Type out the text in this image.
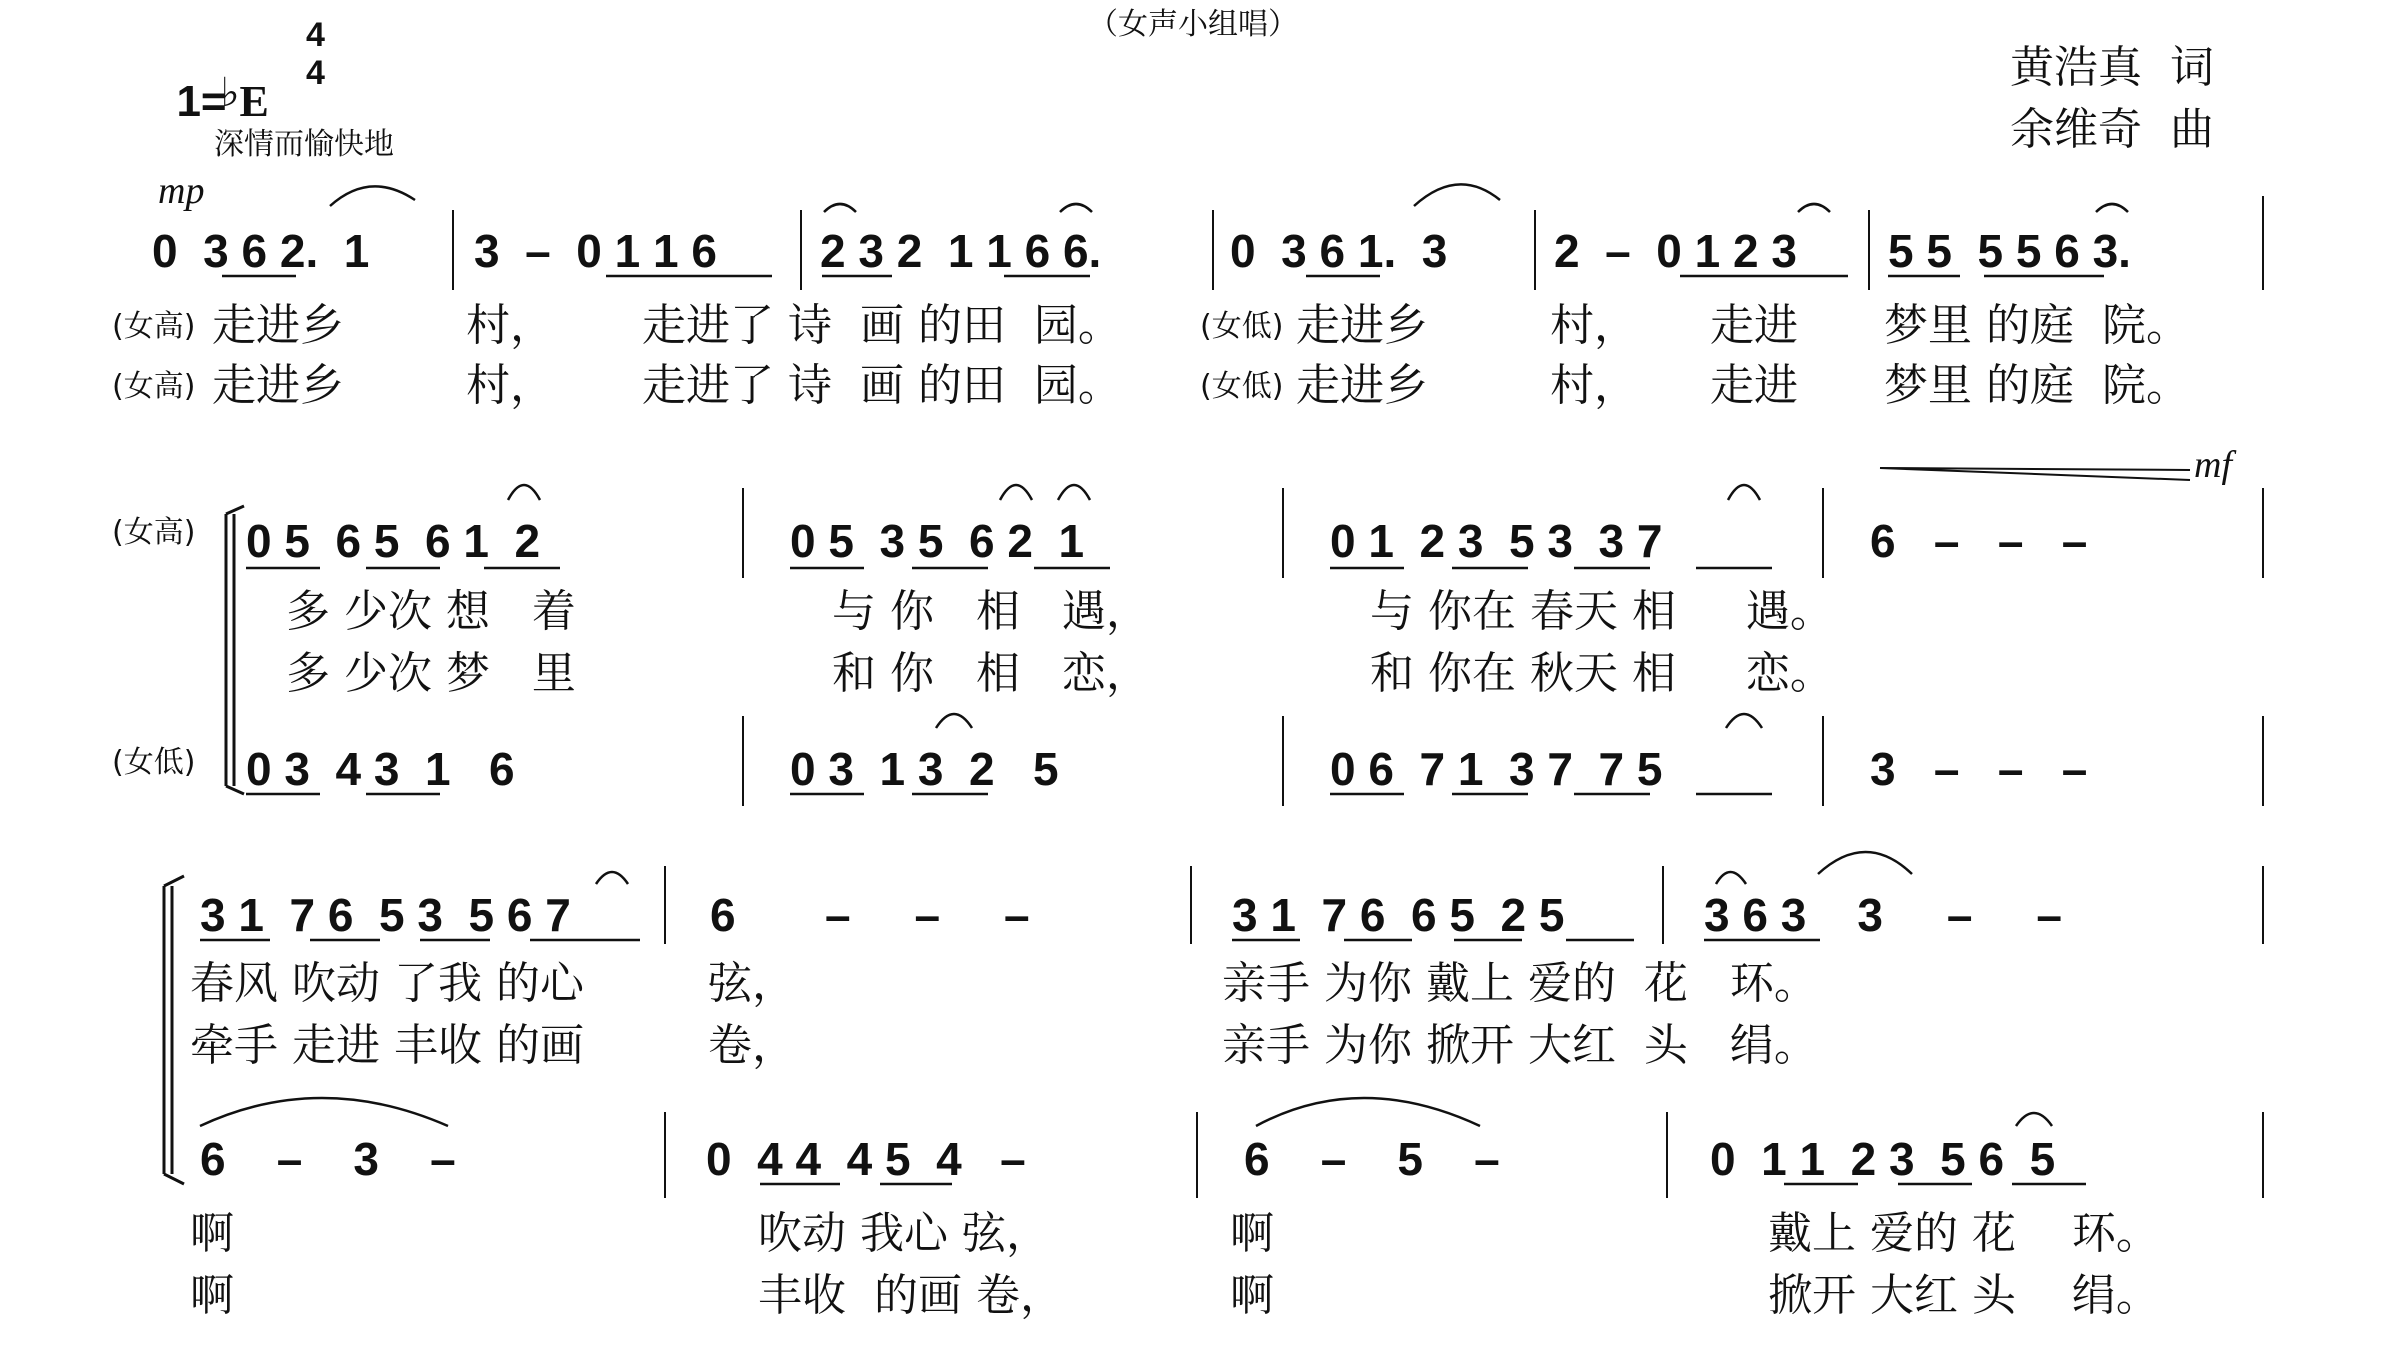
1=♭E

4
4
（女声小组唱）
黄浩真  词
余维奇  曲
深情而愉快地
mp
mf
0  3 6 2.  1 3  –  0 1 1 6 2 3 2  1 1 6 6.	0  3 6 1.  3 2  –  0 1 2 3 5 5  5 5 6 3.
(女高) 走进乡	村， 走进了 诗  画 的田  园。	(女低) 走进乡	村， 走进 梦里 的庭  院。
(女高) 走进乡	村， 走进了 诗  画 的田  园。	(女低) 走进乡	村， 走进 梦里 的庭  院。
(女高)
(女低)
0 5  6 5  6 1  2	0 5  3 5  6 2  1	0 1  2 3  5 3  3 7	6   –   –   –
多 少次 想   着	与 你   相   遇，	与 你在 春天 相     遇。
多 少次 梦   里	和 你   相   恋，	和 你在 秋天 相     恋。
0 3  4 3  1   6	0 3  1 3  2   5	0 6  7 1  3 7  7 5	3   –   –   –
3 1  7 6  5 3  5 6 7	6       –     –     –	3 1  7 6  6 5  2 5	3 6 3    3     –     –
春风 吹动 了我 的心	弦，	亲手 为你 戴上 爱的  花   环。
牵手 走进 丰收 的画	卷，	亲手 为你 掀开 大红  头   绢。
6    –    3    –	0  4 4  4 5  4   –	6    –    5    –	0  1 1  2 3  5 6  5
啊	吹动 我心 弦，	啊	戴上 爱的 花    环。
啊	丰收  的画 卷，	啊	掀开 大红 头    绢。
